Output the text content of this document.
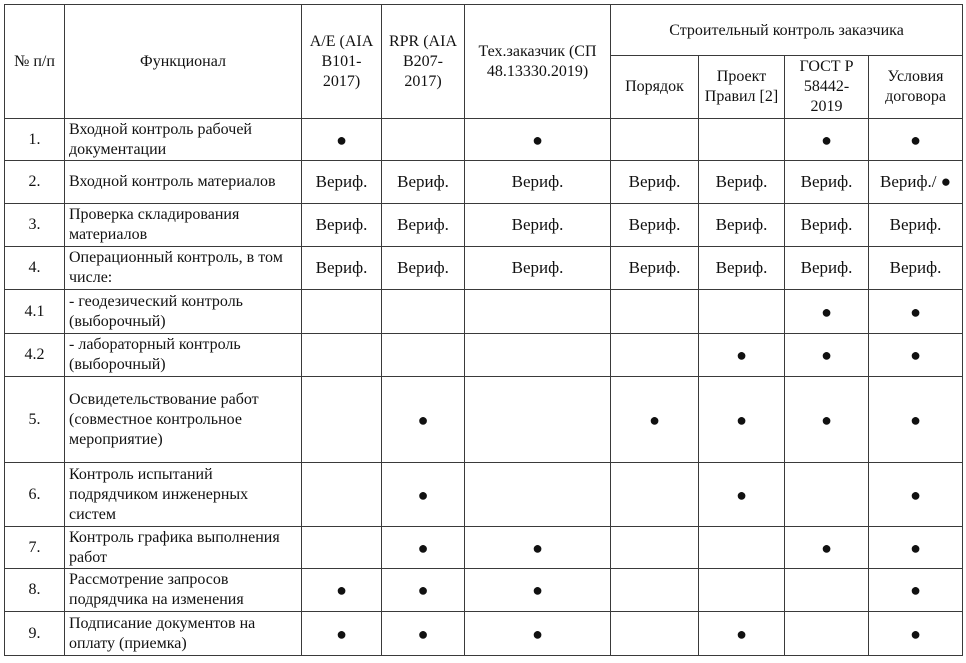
№ п/п	Функционал	A/E (AIA B101-2017)	RPR (AIA B207-2017)	Тех.заказчик (СП 48.13330.2019)	Строительный контроль заказчика			
					Порядок	Проект Правил [2]	ГОСТ Р 58442-2019	Условия договора
1.	Входной контроль рабочей документации	●		●			●	●
2.	Входной контроль материалов	Вериф.	Вериф.	Вериф.	Вериф.	Вериф.	Вериф.	Вериф./ ●
3.	Проверка складирования материалов	Вериф.	Вериф.	Вериф.	Вериф.	Вериф.	Вериф.	Вериф.
4.	Операционный контроль, в том числе:	Вериф.	Вериф.	Вериф.	Вериф.	Вериф.	Вериф.	Вериф.
4.1	- геодезический контроль (выборочный)						●	●
4.2	- лабораторный контроль (выборочный)					●	●	●
5.	Освидетельствование работ (совместное контрольное мероприятие)		●		●	●	●	●
6.	Контроль испытаний подрядчиком инженерных систем		●			●		●
7.	Контроль графика выполнения работ		●	●			●	●
8.	Рассмотрение запросов подрядчика на изменения	●	●	●				●
9.	Подписание документов на оплату (приемка)	●	●	●		●		●
